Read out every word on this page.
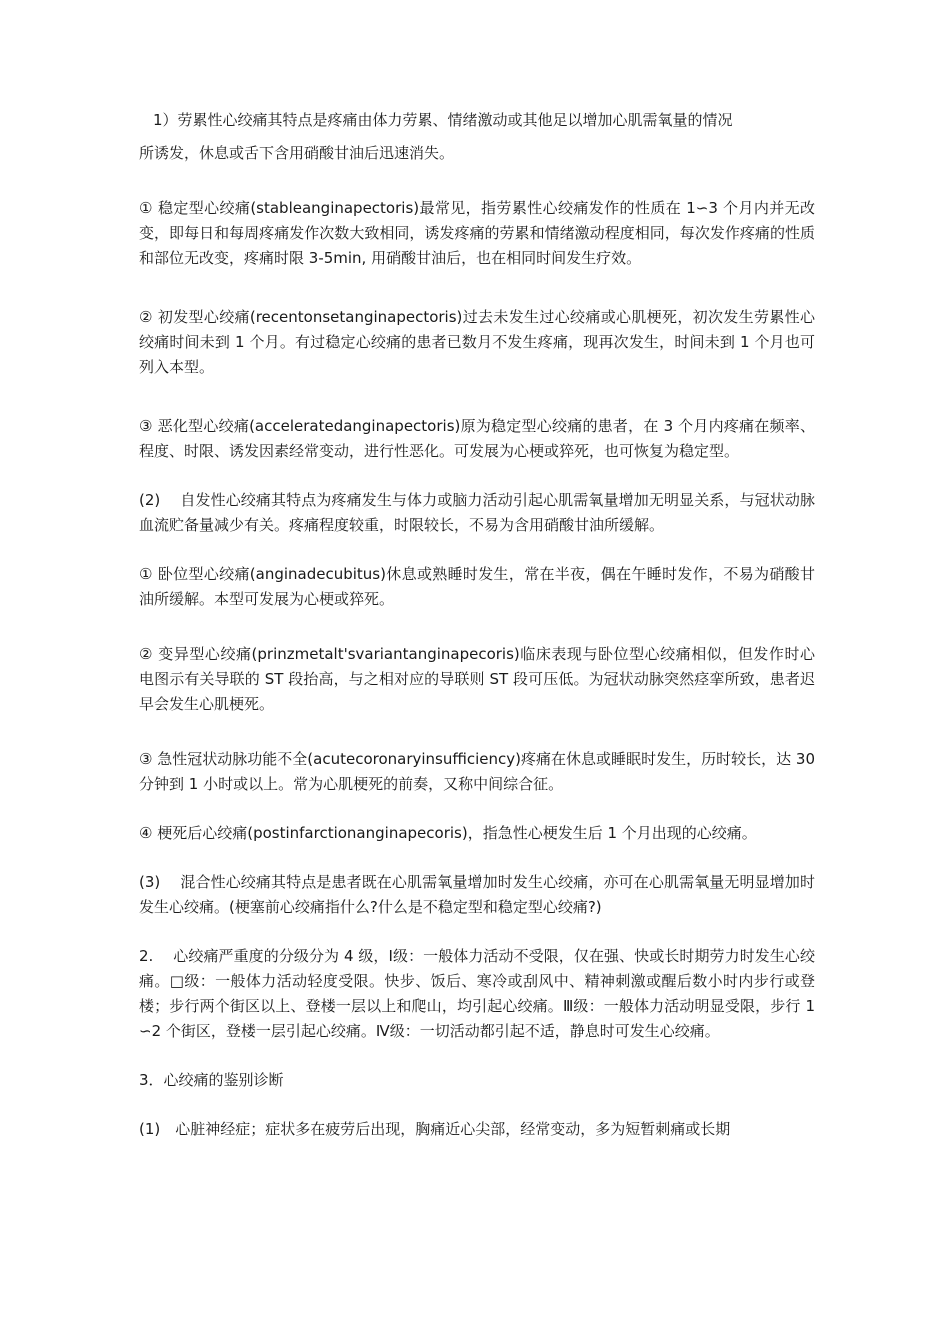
1）劳累性心绞痛其特点是疼痛由体力劳累、情绪激动或其他足以增加心肌需氧量的情况

所诱发，休息或舌下含用硝酸甘油后迅速消失。

① 稳定型心绞痛(stableanginapectoris)最常见，指劳累性心绞痛发作的性质在 1∽3 个月内并无改变，即每日和每周疼痛发作次数大致相同，诱发疼痛的劳累和情绪激动程度相同，每次发作疼痛的性质和部位无改变，疼痛时限 3-5min, 用硝酸甘油后，也在相同时间发生疗效。

② 初发型心绞痛(recentonsetanginapectoris)过去未发生过心绞痛或心肌梗死，初次发生劳累性心绞痛时间未到 1 个月。有过稳定心绞痛的患者已数月不发生疼痛，现再次发生，时间未到 1 个月也可列入本型。

③ 恶化型心绞痛(acceleratedanginapectoris)原为稳定型心绞痛的患者，在 3 个月内疼痛在频率、程度、时限、诱发因素经常变动，进行性恶化。可发展为心梗或猝死，也可恢复为稳定型。

(2)　 自发性心绞痛其特点为疼痛发生与体力或脑力活动引起心肌需氧量增加无明显关系，与冠状动脉血流贮备量减少有关。疼痛程度较重，时限较长，不易为含用硝酸甘油所缓解。

① 卧位型心绞痛(anginadecubitus)休息或熟睡时发生，常在半夜，偶在午睡时发作，不易为硝酸甘油所缓解。本型可发展为心梗或猝死。

② 变异型心绞痛(prinzmetalt'svariantanginapecoris)临床表现与卧位型心绞痛相似，但发作时心电图示有关导联的 ST 段抬高，与之相对应的导联则 ST 段可压低。为冠状动脉突然痉挛所致，患者迟早会发生心肌梗死。

③ 急性冠状动脉功能不全(acutecoronaryinsufficiency)疼痛在休息或睡眠时发生，历时较长，达 30 分钟到 1 小时或以上。常为心肌梗死的前奏，又称中间综合征。

④ 梗死后心绞痛(postinfarctionanginapecoris)，指急性心梗发生后 1 个月出现的心绞痛。

(3)　 混合性心绞痛其特点是患者既在心肌需氧量增加时发生心绞痛，亦可在心肌需氧量无明显增加时发生心绞痛。(梗塞前心绞痛指什么?什么是不稳定型和稳定型心绞痛?)

2.　 心绞痛严重度的分级分为 4 级，Ⅰ级：一般体力活动不受限，仅在强、快或长时期劳力时发生心绞痛。□级：一般体力活动轻度受限。快步、饭后、寒冷或刮风中、精神刺激或醒后数小时内步行或登楼；步行两个街区以上、登楼一层以上和爬山，均引起心绞痛。Ⅲ级：一般体力活动明显受限，步行 1∽2 个街区，登楼一层引起心绞痛。Ⅳ级：一切活动都引起不适，静息时可发生心绞痛。

3．心绞痛的鉴别诊断

(1)　心脏神经症；症状多在疲劳后出现，胸痛近心尖部，经常变动，多为短暂刺痛或长期
